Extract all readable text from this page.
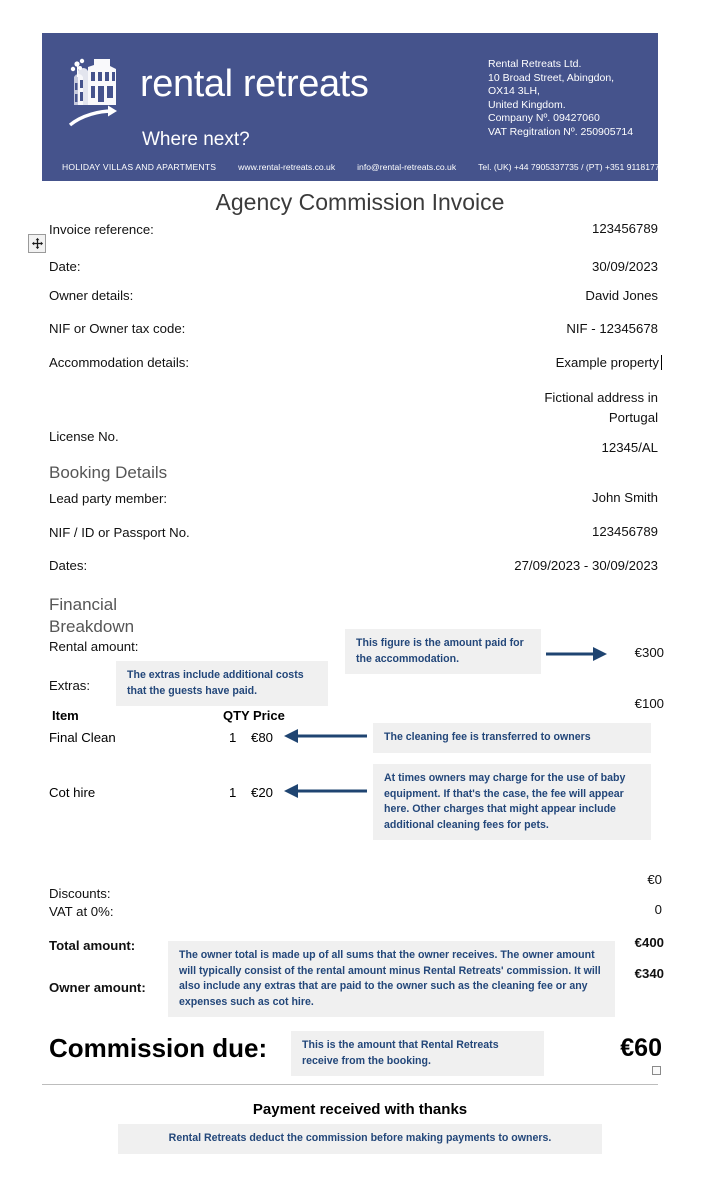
rental retreats
Where next?
Rental Retreats Ltd.
10 Broad Street, Abingdon,
OX14 3LH,
United Kingdom.
Company Nº. 09427060
VAT Regitration Nº. 250905714
HOLIDAY VILLAS AND APARTMENTS	www.rental-retreats.co.uk	info@rental-retreats.co.uk	Tel. (UK) +44 7905337735 / (PT) +351 911817748
Agency Commission Invoice
Invoice reference:	123456789
Date:	30/09/2023
Owner details:	David Jones
NIF or Owner tax code:	NIF - 12345678
Accommodation details:	Example property
Fictional address in
Portugal
License No.
12345/AL
Booking Details
Lead party member:	John Smith
NIF / ID or Passport No.	123456789
Dates:	27/09/2023 - 30/09/2023
Financial
Breakdown
Rental amount:	€300
Extras:
€100
Item	QTY Price
Final Clean	1 €80
Cot hire	1 €20
Discounts:
€0
VAT at 0%:	0
Total amount:	€400
Owner amount:
€340
Commission due:	€60
Payment received with thanks
Rental Retreats deduct the commission before making payments to owners.
This figure is the amount paid for the accommodation.
The extras include additional costs that the guests have paid.
The cleaning fee is transferred to owners
At times owners may charge for the use of baby equipment. If that's the case, the fee will appear here. Other charges that might appear include additional cleaning fees for pets.
The owner total is made up of all sums that the owner receives. The owner amount will typically consist of the rental amount minus Rental Retreats' commission. It will also include any extras that are paid to the owner such as the cleaning fee or any expenses such as cot hire.
This is the amount that Rental Retreats receive from the booking.
